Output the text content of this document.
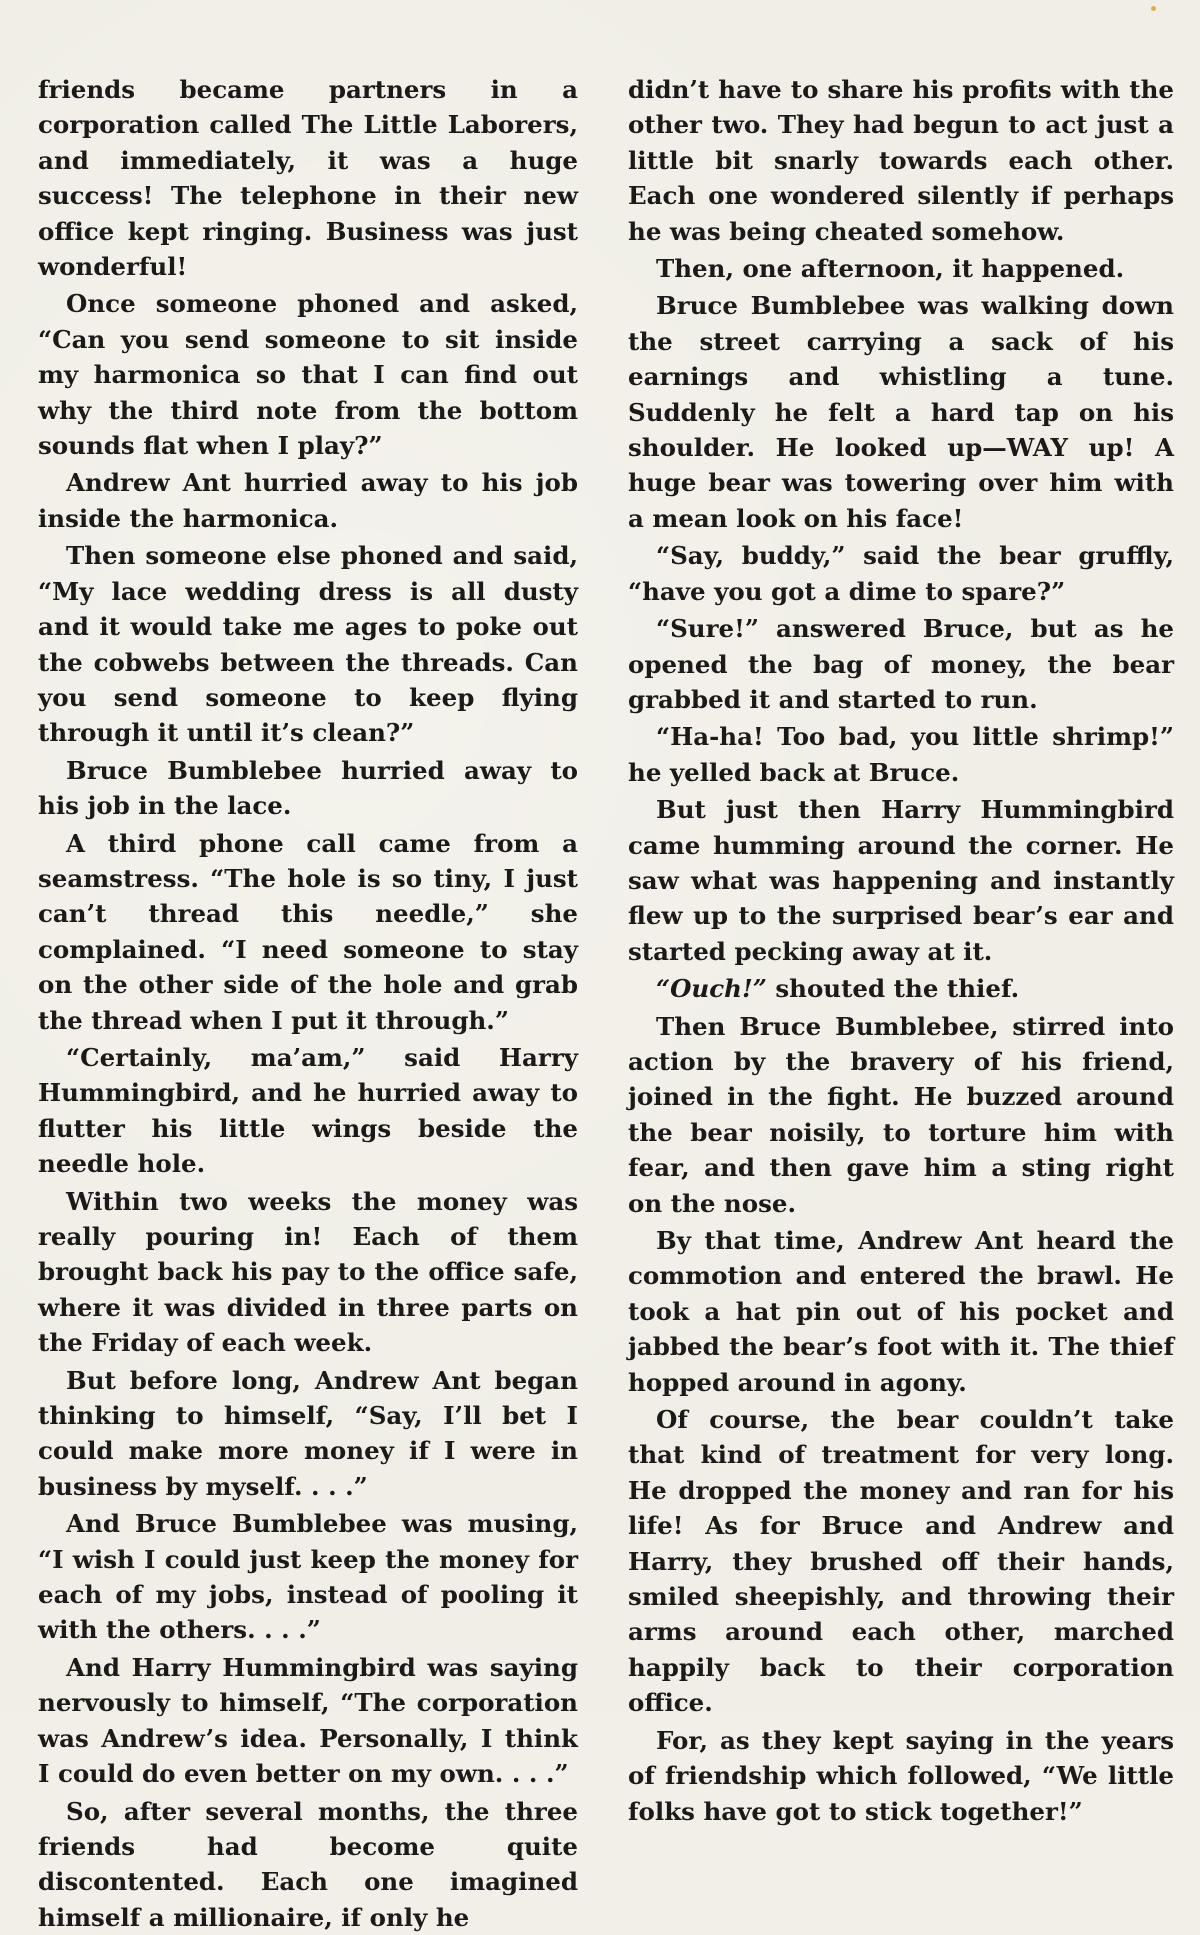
friends became partners in a corporation called The Little Laborers, and immediately, it was a huge success! The telephone in their new office kept ringing. Business was just wonderful!

Once someone phoned and asked, “Can you send someone to sit inside my harmonica so that I can find out why the third note from the bottom sounds flat when I play?”

Andrew Ant hurried away to his job inside the harmonica.

Then someone else phoned and said, “My lace wedding dress is all dusty and it would take me ages to poke out the cobwebs between the threads. Can you send someone to keep flying through it until it’s clean?”

Bruce Bumblebee hurried away to his job in the lace.

A third phone call came from a seamstress. “The hole is so tiny, I just can’t thread this needle,” she complained. “I need someone to stay on the other side of the hole and grab the thread when I put it through.”

“Certainly, ma’am,” said Harry Hummingbird, and he hurried away to flutter his little wings beside the needle hole.

Within two weeks the money was really pouring in! Each of them brought back his pay to the office safe, where it was divided in three parts on the Friday of each week.

But before long, Andrew Ant began thinking to himself, “Say, I’ll bet I could make more money if I were in business by myself. . . .”

And Bruce Bumblebee was musing, “I wish I could just keep the money for each of my jobs, instead of pooling it with the others. . . .”

And Harry Hummingbird was saying nervously to himself, “The corporation was Andrew’s idea. Personally, I think I could do even better on my own. . . .”

So, after several months, the three friends had become quite discontented. Each one imagined himself a millionaire, if only he

didn’t have to share his profits with the other two. They had begun to act just a little bit snarly towards each other. Each one wondered silently if perhaps he was being cheated somehow.

Then, one afternoon, it happened.

Bruce Bumblebee was walking down the street carrying a sack of his earnings and whistling a tune. Suddenly he felt a hard tap on his shoulder. He looked up—WAY up! A huge bear was towering over him with a mean look on his face!

“Say, buddy,” said the bear gruffly, “have you got a dime to spare?”

“Sure!” answered Bruce, but as he opened the bag of money, the bear grabbed it and started to run.

“Ha-ha! Too bad, you little shrimp!” he yelled back at Bruce.

But just then Harry Hummingbird came humming around the corner. He saw what was happening and instantly flew up to the surprised bear’s ear and started pecking away at it.

“Ouch!” shouted the thief.

Then Bruce Bumblebee, stirred into action by the bravery of his friend, joined in the fight. He buzzed around the bear noisily, to torture him with fear, and then gave him a sting right on the nose.

By that time, Andrew Ant heard the commotion and entered the brawl. He took a hat pin out of his pocket and jabbed the bear’s foot with it. The thief hopped around in agony.

Of course, the bear couldn’t take that kind of treatment for very long. He dropped the money and ran for his life! As for Bruce and Andrew and Harry, they brushed off their hands, smiled sheepishly, and throwing their arms around each other, marched happily back to their corporation office.

For, as they kept saying in the years of friendship which followed, “We little folks have got to stick together!”
